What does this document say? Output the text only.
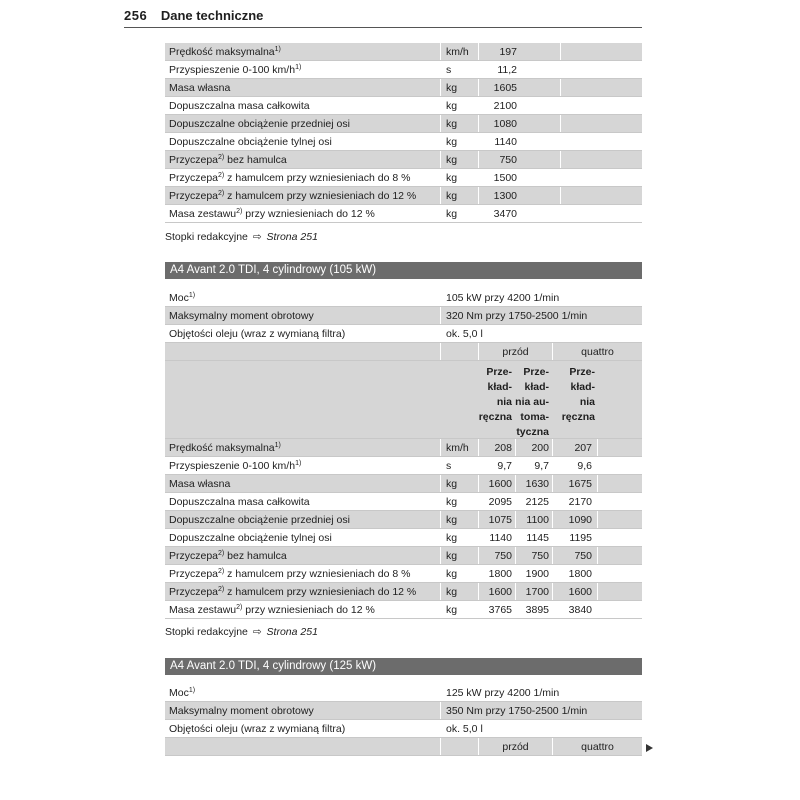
256 Dane techniczne
Prędkość maksymalna$^{1)}$	km/h	197
Przyspieszenie 0-100 $km/h^{1)}$	s	11,2
Masa własna	kg	1605
Dopuszczalna masa całkowita	kg	2100
Dopuszczalne obciążenie przedniej osi	kg	1080
Dopuszczalne obciążenie tylnej osi	kg	1140
Przyczepa$^{2)}$ bez hamulca	kg	750
Przyczepa$^{2)}$ z hamulcem przy wzniesieniach do 8 %	kg	1500
Przyczepa$^{2)}$ z hamulcem przy wzniesieniach do 12 %	kg	1300
Masa zestawu$^{2)}$ przy wzniesieniach do 12 %	kg	3470
Stopki redakcyjne ⇨ Strona 251
A4 Avant 2.0 TDI, 4 cylindrowy (105 kW)
Moc$^{1)}$	105 kW przy 4200 1/min
Maksymalny moment obrotowy	320 Nm przy 1750-2500 1/min
Objętości oleju (wraz z wymianą filtra)	ok. 5,0 l
przód	quattro
Prze-
kład-
nia
ręczna
Prze-
kład-
nia au-
toma-
tyczna
Prze-
kład-
nia
ręczna
Prędkość maksymalna$^{1)}$	km/h	208	200	207
Przyspieszenie 0-100 $km/h^{1)}$	s	9,7	9,7	9,6
Masa własna	kg	1600	1630	1675
Dopuszczalna masa całkowita	kg	2095	2125	2170
Dopuszczalne obciążenie przedniej osi	kg	1075	1100	1090
Dopuszczalne obciążenie tylnej osi	kg	1140	1145	1195
Przyczepa$^{2)}$ bez hamulca	kg	750	750	750
Przyczepa$^{2)}$ z hamulcem przy wzniesieniach do 8 %	kg	1800	1900	1800
Przyczepa$^{2)}$ z hamulcem przy wzniesieniach do 12 %	kg	1600	1700	1600
Masa zestawu$^{2)}$ przy wzniesieniach do 12 %	kg	3765	3895	3840
Stopki redakcyjne ⇨ Strona 251
A4 Avant 2.0 TDI, 4 cylindrowy (125 kW)
Moc$^{1)}$	125 kW przy 4200 1/min
Maksymalny moment obrotowy	350 Nm przy 1750-2500 1/min
Objętości oleju (wraz z wymianą filtra)	ok. 5,0 l
przód	quattro
